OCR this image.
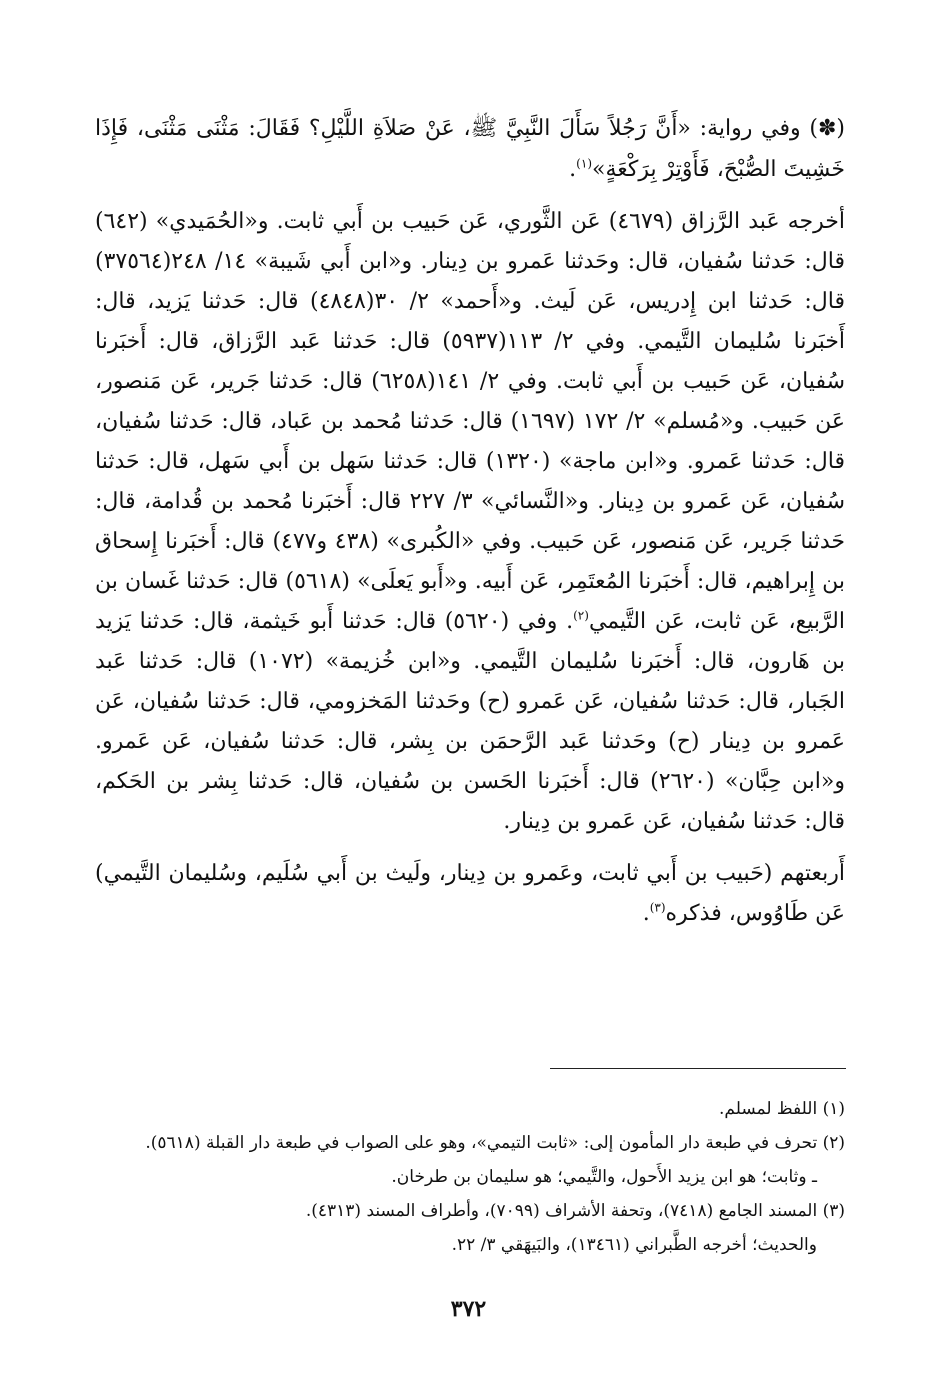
(✽) وفي رواية: «أَنَّ رَجُلاً سَأَلَ النَّبِيَّ ﷺ، عَنْ صَلاَةِ اللَّيْلِ؟ فَقَالَ: مَثْنَى مَثْنَى، فَإِذَا خَشِيتَ الصُّبْحَ، فَأَوْتِرْ بِرَكْعَةٍ»$^{(١)}$.

أخرجه عَبد الرَّزاق (٤٦٧٩) عَن الثَّوري، عَن حَبيب بن أَبي ثابت. و«الحُمَيدي» (٦٤٢) قال: حَدثنا سُفيان، قال: وحَدثنا عَمرو بن دِينار. و«ابن أَبي شَيبة» ١٤/ ٢٤٨(٣٧٥٦٤) قال: حَدثنا ابن إِدريس، عَن لَيث. و«أَحمد» ٢/ ٣٠(٤٨٤٨) قال: حَدثنا يَزيد، قال: أَخبَرنا سُليمان التَّيمي. وفي ٢/ ١١٣(٥٩٣٧) قال: حَدثنا عَبد الرَّزاق، قال: أَخبَرنا سُفيان، عَن حَبيب بن أَبي ثابت. وفي ٢/ ١٤١(٦٢٥٨) قال: حَدثنا جَرير، عَن مَنصور، عَن حَبيب. و«مُسلم» ٢/ ١٧٢ (١٦٩٧) قال: حَدثنا مُحمد بن عَباد، قال: حَدثنا سُفيان، قال: حَدثنا عَمرو. و«ابن ماجة» (١٣٢٠) قال: حَدثنا سَهل بن أَبي سَهل، قال: حَدثنا سُفيان، عَن عَمرو بن دِينار. و«النَّسائي» ٣/ ٢٢٧ قال: أَخبَرنا مُحمد بن قُدامة، قال: حَدثنا جَرير، عَن مَنصور، عَن حَبيب. وفي «الكُبرى» (٤٣٨ و٤٧٧) قال: أَخبَرنا إِسحاق بن إِبراهيم، قال: أَخبَرنا المُعتَمِر، عَن أَبيه. و«أَبو يَعلَى» (٥٦١٨) قال: حَدثنا غَسان بن الرَّبيع، عَن ثابت، عَن التَّيمي$^{(٢)}$. وفي (٥٦٢٠) قال: حَدثنا أَبو خَيثمة، قال: حَدثنا يَزيد بن هَارون، قال: أَخبَرنا سُليمان التَّيمي. و«ابن خُزيمة» (١٠٧٢) قال: حَدثنا عَبد الجَبار، قال: حَدثنا سُفيان، عَن عَمرو (ح) وحَدثنا المَخزومي، قال: حَدثنا سُفيان، عَن عَمرو بن دِينار (ح) وحَدثنا عَبد الرَّحمَن بن بِشر، قال: حَدثنا سُفيان، عَن عَمرو. و«ابن حِبَّان» (٢٦٢٠) قال: أَخبَرنا الحَسن بن سُفيان، قال: حَدثنا بِشر بن الحَكم، قال: حَدثنا سُفيان، عَن عَمرو بن دِينار.

أَربعتهم (حَبيب بن أَبي ثابت، وعَمرو بن دِينار، ولَيث بن أَبي سُلَيم، وسُليمان التَّيمي) عَن طَاوُوس، فذكره$^{(٣)}$.

(١) اللفظ لمسلم.

(٢) تحرف في طبعة دار المأمون إلى: «ثابت التيمي»، وهو على الصواب في طبعة دار القبلة (٥٦١٨).

ـ وثابت؛ هو ابن يزيد الأَحول، والتَّيمي؛ هو سليمان بن طرخان.

(٣) المسند الجامع (٧٤١٨)، وتحفة الأشراف (٧٠٩٩)، وأطراف المسند (٤٣١٣).

والحديث؛ أخرجه الطَّبراني (١٣٤٦١)، والبَيهَقي ٣/ ٢٢.

٣٧٢
